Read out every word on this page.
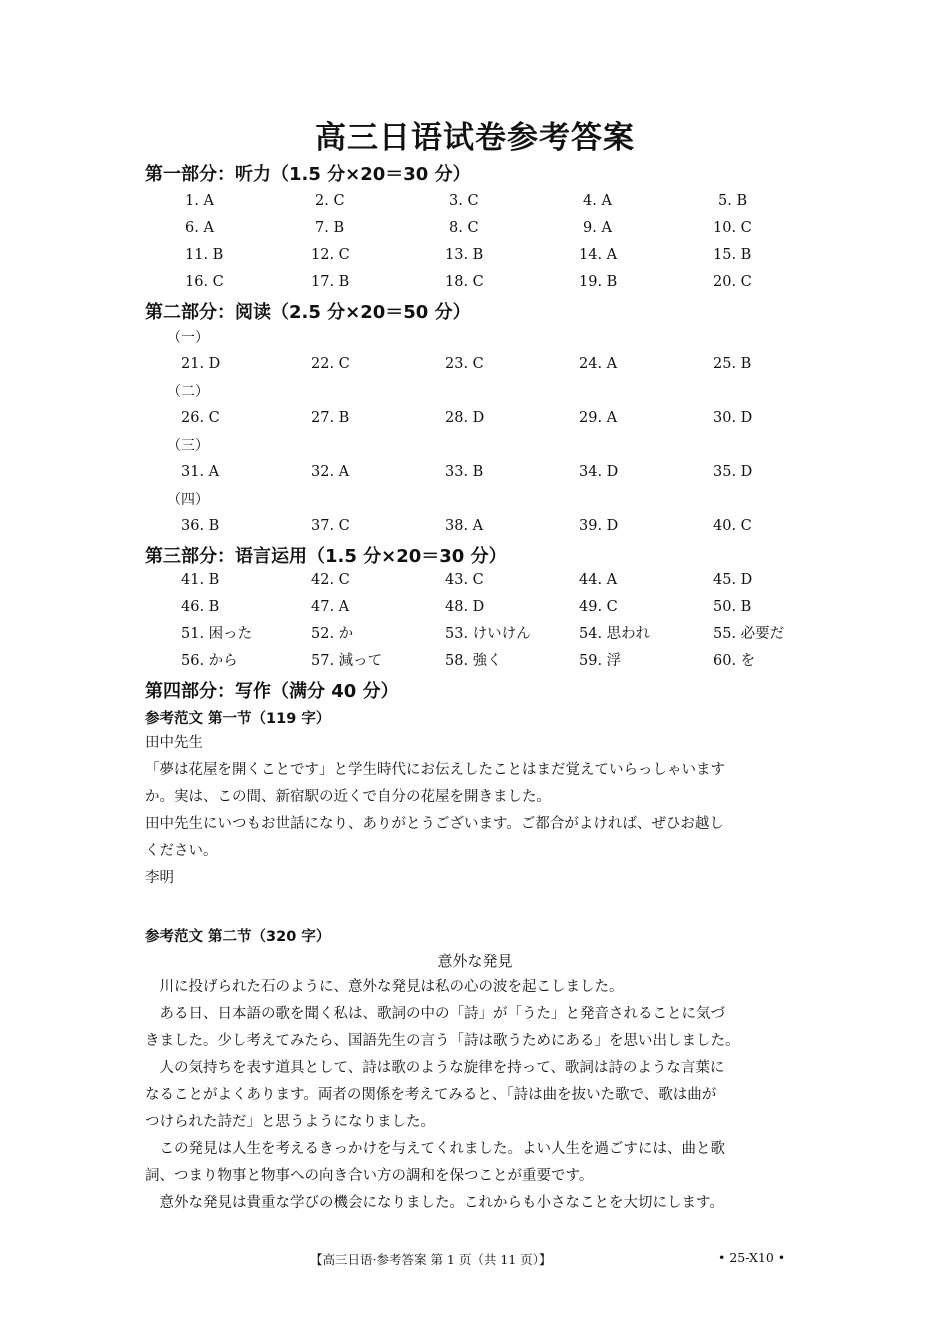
高三日语试卷参考答案
第一部分：听力（1.5 分×20＝30 分）
1. A	2. C	3. C	4. A	5. B
6. A	7. B	8. C	9. A	10. C
11. B	12. C	13. B	14. A	15. B
16. C	17. B	18. C	19. B	20. C
第二部分：阅读（2.5 分×20＝50 分）
（一）
21. D	22. C	23. C	24. A	25. B
（二）
26. C	27. B	28. D	29. A	30. D
（三）
31. A	32. A	33. B	34. D	35. D
（四）
36. B	37. C	38. A	39. D	40. C
第三部分：语言运用（1.5 分×20＝30 分）
41. B	42. C	43. C	44. A	45. D
46. B	47. A	48. D	49. C	50. B
51. 困った	52. か	53. けいけん	54. 思われ	55. 必要だ
56. から	57. 減って	58. 強く	59. 浮	60. を
第四部分：写作（满分 40 分）
参考范文 第一节（119 字）
田中先生
「夢は花屋を開くことです」と学生時代にお伝えしたことはまだ覚えていらっしゃいます
か。実は、この間、新宿駅の近くで自分の花屋を開きました。
田中先生にいつもお世話になり、ありがとうございます。ご都合がよければ、ぜひお越し
ください。
李明
参考范文 第二节（320 字）
意外な発見
　川に投げられた石のように、意外な発見は私の心の波を起こしました。
　ある日、日本語の歌を聞く私は、歌詞の中の「詩」が「うた」と発音されることに気づ
きました。少し考えてみたら、国語先生の言う「詩は歌うためにある」を思い出しました。
　人の気持ちを表す道具として、詩は歌のような旋律を持って、歌詞は詩のような言葉に
なることがよくあります。両者の関係を考えてみると、「詩は曲を抜いた歌で、歌は曲が
つけられた詩だ」と思うようになりました。
　この発見は人生を考えるきっかけを与えてくれました。よい人生を過ごすには、曲と歌
詞、つまり物事と物事への向き合い方の調和を保つことが重要です。
　意外な発見は貴重な学びの機会になりました。これからも小さなことを大切にします。
【高三日语·参考答案 第 1 页（共 11 页）】	• 25-X10 •
